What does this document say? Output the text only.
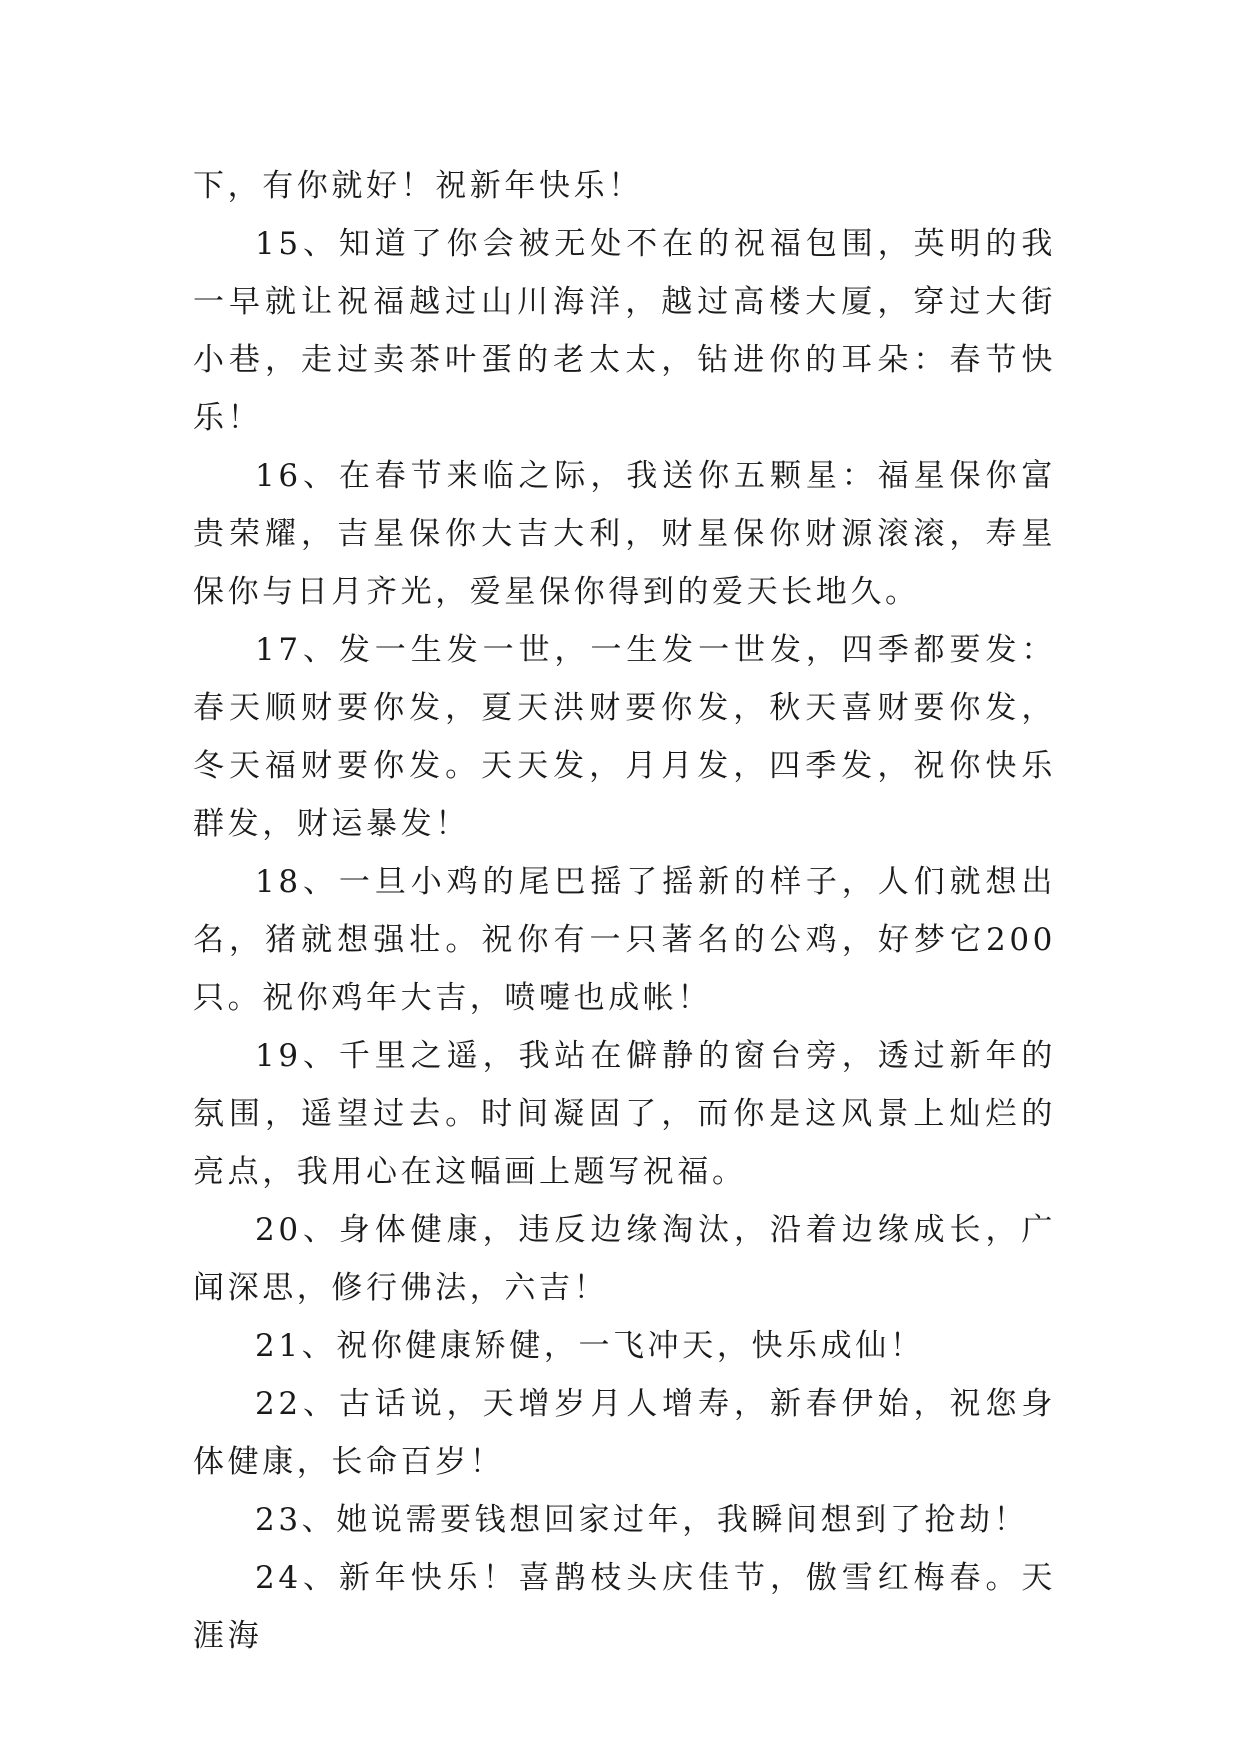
下，有你就好！祝新年快乐！

15、知道了你会被无处不在的祝福包围，英明的我一早就让祝福越过山川海洋，越过高楼大厦，穿过大街小巷，走过卖茶叶蛋的老太太，钻进你的耳朵：春节快乐！

16、在春节来临之际，我送你五颗星：福星保你富贵荣耀，吉星保你大吉大利，财星保你财源滚滚，寿星保你与日月齐光，爱星保你得到的爱天长地久。

17、发一生发一世，一生发一世发，四季都要发：春天顺财要你发，夏天洪财要你发，秋天喜财要你发，冬天福财要你发。天天发，月月发，四季发，祝你快乐群发，财运暴发！

18、一旦小鸡的尾巴摇了摇新的样子，人们就想出名，猪就想强壮。祝你有一只著名的公鸡，好梦它200只。祝你鸡年大吉，喷嚏也成帐！

19、千里之遥，我站在僻静的窗台旁，透过新年的氛围，遥望过去。时间凝固了，而你是这风景上灿烂的亮点，我用心在这幅画上题写祝福。

20、身体健康，违反边缘淘汰，沿着边缘成长，广闻深思，修行佛法，六吉！

21、祝你健康矫健，一飞冲天，快乐成仙！

22、古话说，天增岁月人增寿，新春伊始，祝您身体健康，长命百岁！

23、她说需要钱想回家过年，我瞬间想到了抢劫！

24、新年快乐！喜鹊枝头庆佳节，傲雪红梅春。天涯海
